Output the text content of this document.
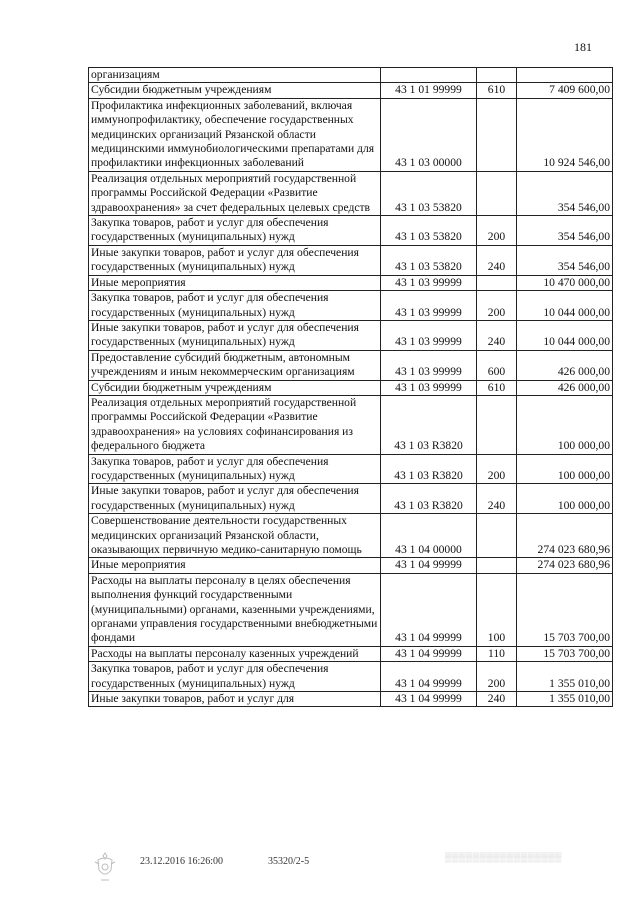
181
организациям			
Субсидии бюджетным учреждениям	43 1 01 99999	610	7 409 600,00
Профилактика инфекционных заболеваний, включая иммунопрофилактику, обеспечение государственных медицинских организаций Рязанской области медицинскими иммунобиологическими препаратами для профилактики инфекционных заболеваний	43 1 03 00000		10 924 546,00
Реализация отдельных мероприятий государственной программы Российской Федерации «Развитие здравоохранения» за счет федеральных целевых средств	43 1 03 53820		354 546,00
Закупка товаров, работ и услуг для обеспечения государственных (муниципальных) нужд	43 1 03 53820	200	354 546,00
Иные закупки товаров, работ и услуг для обеспечения государственных (муниципальных) нужд	43 1 03 53820	240	354 546,00
Иные мероприятия	43 1 03 99999		10 470 000,00
Закупка товаров, работ и услуг для обеспечения государственных (муниципальных) нужд	43 1 03 99999	200	10 044 000,00
Иные закупки товаров, работ и услуг для обеспечения государственных (муниципальных) нужд	43 1 03 99999	240	10 044 000,00
Предоставление субсидий бюджетным, автономным учреждениям и иным некоммерческим организациям	43 1 03 99999	600	426 000,00
Субсидии бюджетным учреждениям	43 1 03 99999	610	426 000,00
Реализация отдельных мероприятий государственной программы Российской Федерации «Развитие здравоохранения» на условиях софинансирования из федерального бюджета	43 1 03 R3820		100 000,00
Закупка товаров, работ и услуг для обеспечения государственных (муниципальных) нужд	43 1 03 R3820	200	100 000,00
Иные закупки товаров, работ и услуг для обеспечения государственных (муниципальных) нужд	43 1 03 R3820	240	100 000,00
Совершенствование деятельности государственных медицинских организаций Рязанской области, оказывающих первичную медико-санитарную помощь	43 1 04 00000		274 023 680,96
Иные мероприятия	43 1 04 99999		274 023 680,96
Расходы на выплаты персоналу в целях обеспечения выполнения функций государственными (муниципальными) органами, казенными учреждениями, органами управления государственными внебюджетными фондами	43 1 04 99999	100	15 703 700,00
Расходы на выплаты персоналу казенных учреждений	43 1 04 99999	110	15 703 700,00
Закупка товаров, работ и услуг для обеспечения государственных (муниципальных) нужд	43 1 04 99999	200	1 355 010,00
Иные закупки товаров, работ и услуг для	43 1 04 99999	240	1 355 010,00
23.12.2016 16:26:00	35320/2-5	▒▒▒▒▒▒▒▒▒▒▒▒▒▒▒▒▒
